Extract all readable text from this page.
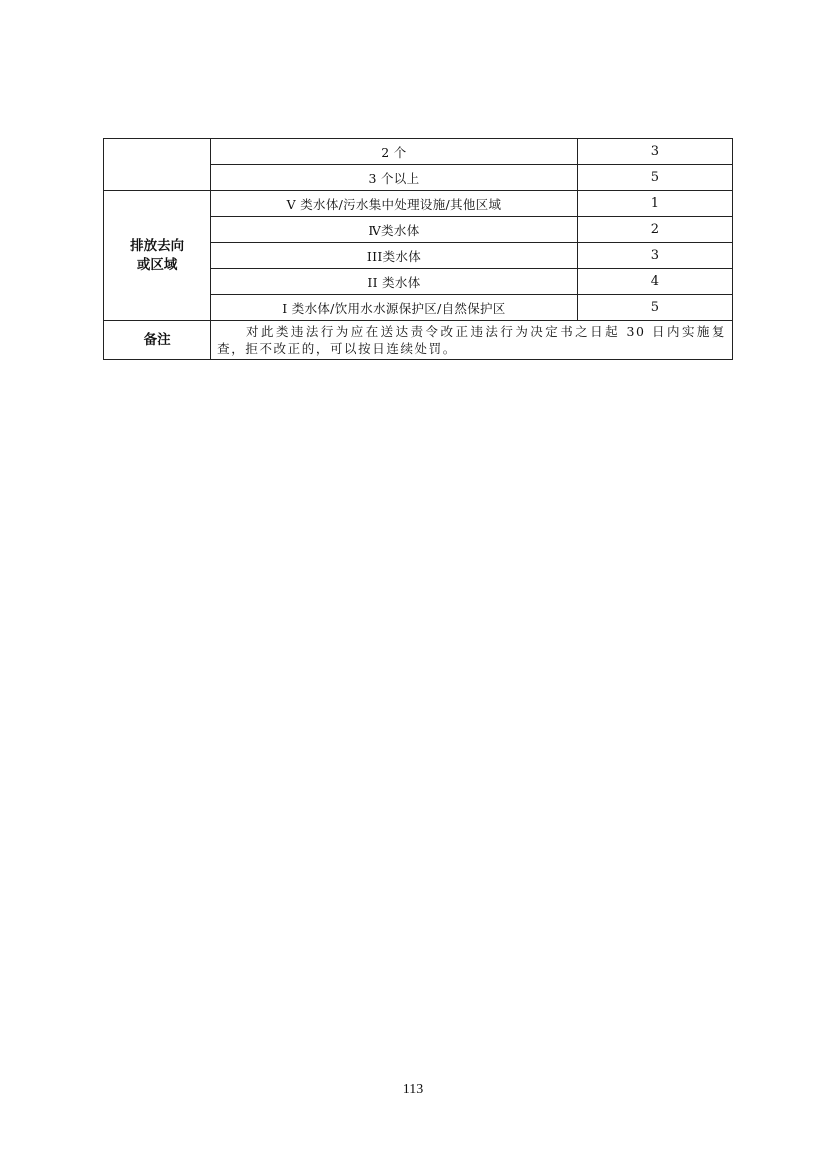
	2 个	3
	3 个以上	5

排放去向
或区域	V 类水体/污水集中处理设施/其他区域	1
	Ⅳ类水体	2
	III类水体	3
	II 类水体	4
	I 类水体/饮用水水源保护区/自然保护区	5
备注	对此类违法行为应在送达责令改正违法行为决定书之日起 30 日内实施复查，拒不改正的，可以按日连续处罚。	
113
